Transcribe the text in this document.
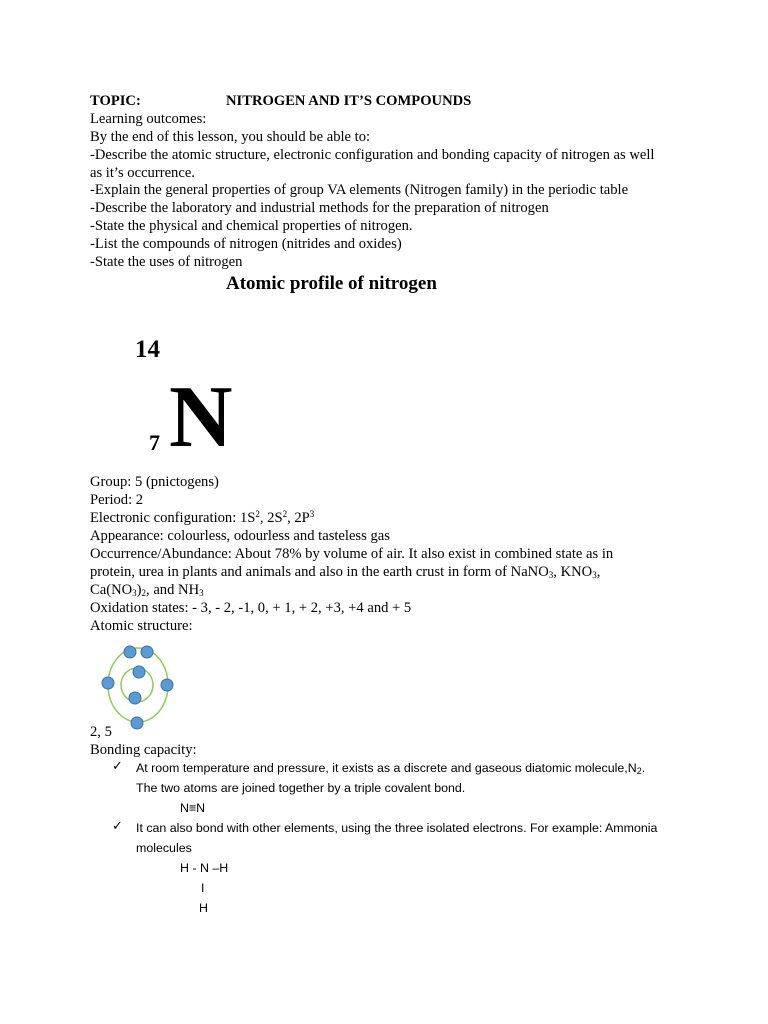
TOPIC:	NITROGEN AND IT’S COMPOUNDS
Learning outcomes:
By the end of this lesson, you should be able to:
-Describe the atomic structure, electronic configuration and bonding capacity of nitrogen as well
as it’s occurrence.
-Explain the general properties of group VA elements (Nitrogen family) in the periodic table
-Describe the laboratory and industrial methods for the preparation of nitrogen
-State the physical and chemical properties of nitrogen.
-List the compounds of nitrogen (nitrides and oxides)
-State the uses of nitrogen
Atomic profile of nitrogen
14
7 N
Group: 5 (pnictogens)
Period: 2
Electronic configuration: $1S^2$, $2S^2$, $2P^3$
Appearance: colourless, odourless and tasteless gas
Occurrence/Abundance: About 78% by volume of air. It also exist in combined state as in
protein, urea in plants and animals and also in the earth crust in form of NaNO$_3$, $KNO_3$,
$Ca(NO_3)_2$, and $NH_3$
Oxidation states: - 3, - 2, -1, 0, + 1, + 2, +3, +4 and + 5
Atomic structure:
2, 5
Bonding capacity:
✓ At room temperature and pressure, it exists as a discrete and gaseous diatomic $molecule,N_2$.
The two atoms are joined together by a triple covalent bond.
N≡N
✓ It can also bond with other elements, using the three isolated electrons. For example: Ammonia
molecules
H - N –H
I
H
